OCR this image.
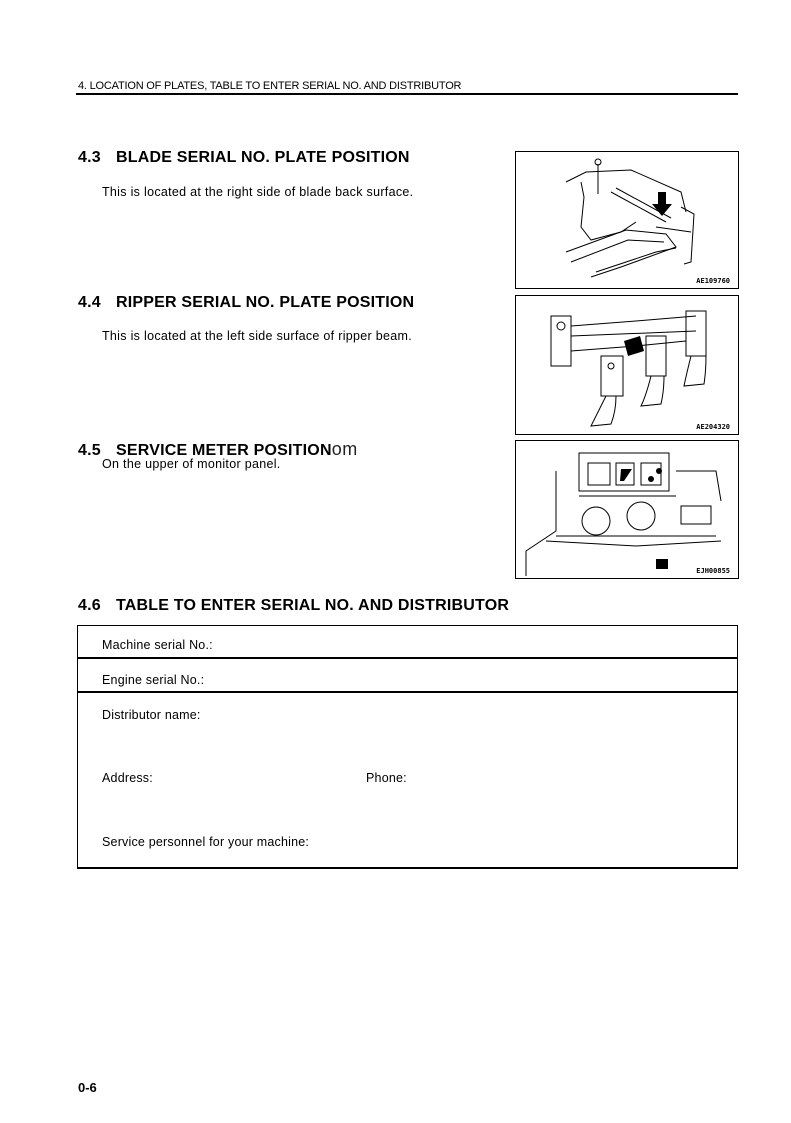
4. LOCATION OF PLATES, TABLE TO ENTER SERIAL NO. AND DISTRIBUTOR
4.3 BLADE SERIAL NO. PLATE POSITION
This is located at the right side of blade back surface.
AE109760
4.4 RIPPER SERIAL NO. PLATE POSITION
This is located at the left side surface of ripper beam.
AE204320
4.5 SERVICE METER POSITIONom
On the upper of monitor panel.
EJH00855
4.6 TABLE TO ENTER SERIAL NO. AND DISTRIBUTOR
Machine serial No.:
Engine serial No.:
Distributor name:
Address:	Phone:
Service personnel for your machine:
0-6
